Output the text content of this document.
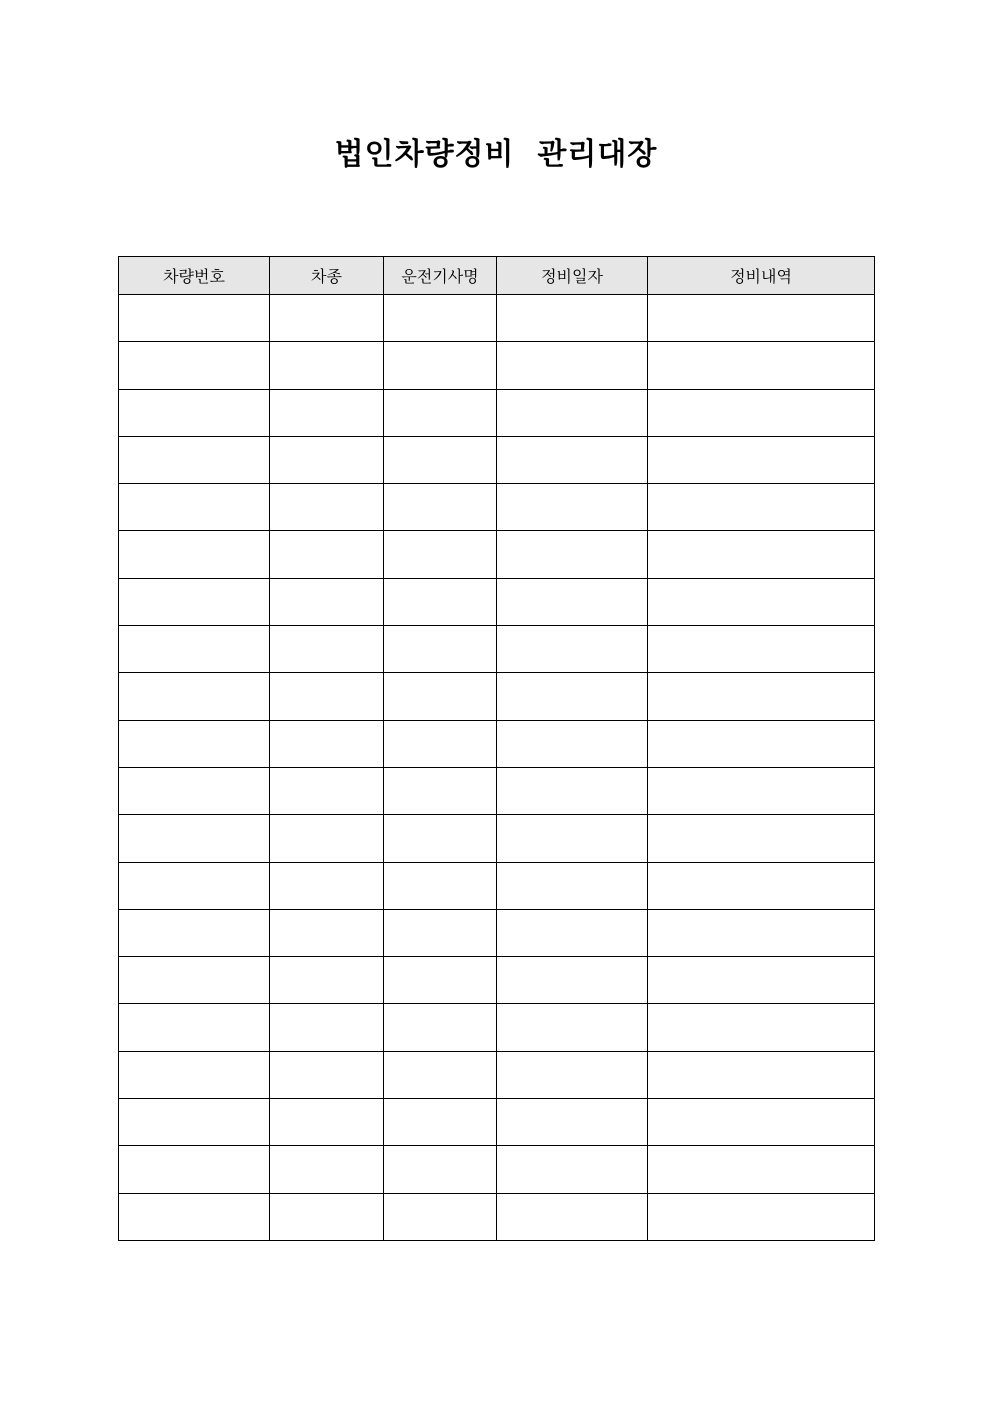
법인차량정비  관리대장
차량번호	차종	운전기사명	정비일자	정비내역
